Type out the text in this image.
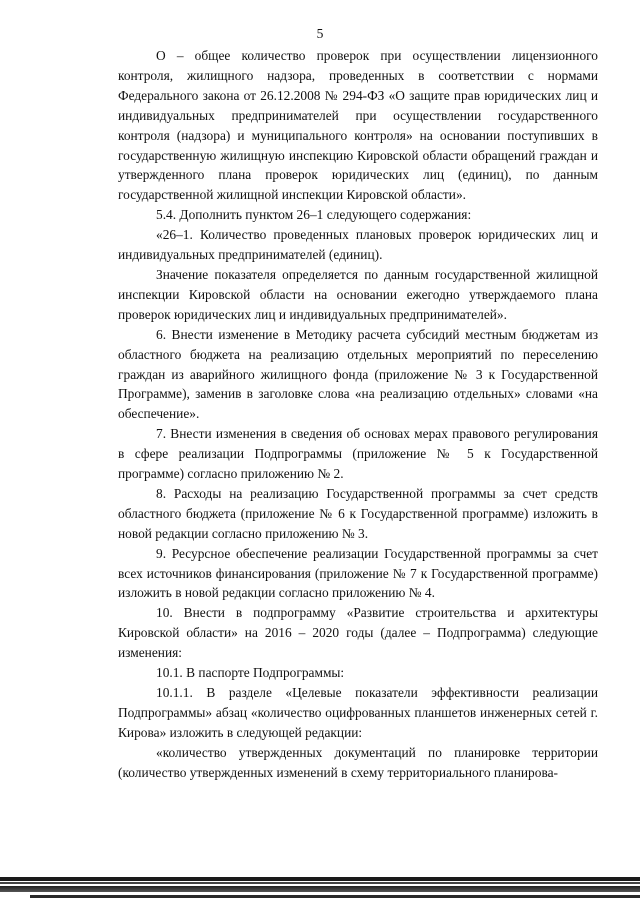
5

O – общее количество проверок при осуществлении лицензионного контроля, жилищного надзора, проведенных в соответствии с нормами Федерального закона от 26.12.2008 № 294-ФЗ «О защите прав юридических лиц и индивидуальных предпринимателей при осуществлении государственного контроля (надзора) и муниципального контроля» на основании поступивших в государственную жилищную инспекцию Кировской области обращений граждан и утвержденного плана проверок юридических лиц (единиц), по данным государственной жилищной инспекции Кировской области».

5.4. Дополнить пунктом 26–1 следующего содержания:

«26–1. Количество проведенных плановых проверок юридических лиц и индивидуальных предпринимателей (единиц).

Значение показателя определяется по данным государственной жилищной инспекции Кировской области на основании ежегодно утверждаемого плана проверок юридических лиц и индивидуальных предпринимателей».

6. Внести изменение в Методику расчета субсидий местным бюджетам из областного бюджета на реализацию отдельных мероприятий по переселению граждан из аварийного жилищного фонда (приложение № 3 к Государственной Программе), заменив в заголовке слова «на реализацию отдельных» словами «на обеспечение».

7. Внести изменения в сведения об основах мерах правового регулирования в сфере реализации Подпрограммы (приложение № 5 к Государственной программе) согласно приложению № 2.

8. Расходы на реализацию Государственной программы за счет средств областного бюджета (приложение № 6 к Государственной программе) изложить в новой редакции согласно приложению № 3.

9. Ресурсное обеспечение реализации Государственной программы за счет всех источников финансирования (приложение № 7 к Государственной программе) изложить в новой редакции согласно приложению № 4.

10. Внести в подпрограмму «Развитие строительства и архитектуры Кировской области» на 2016 – 2020 годы (далее – Подпрограмма) следующие изменения:

10.1. В паспорте Подпрограммы:

10.1.1. В разделе «Целевые показатели эффективности реализации Подпрограммы» абзац «количество оцифрованных планшетов инженерных сетей г. Кирова» изложить в следующей редакции:

«количество утвержденных документаций по планировке территории (количество утвержденных изменений в схему территориального планирова-
